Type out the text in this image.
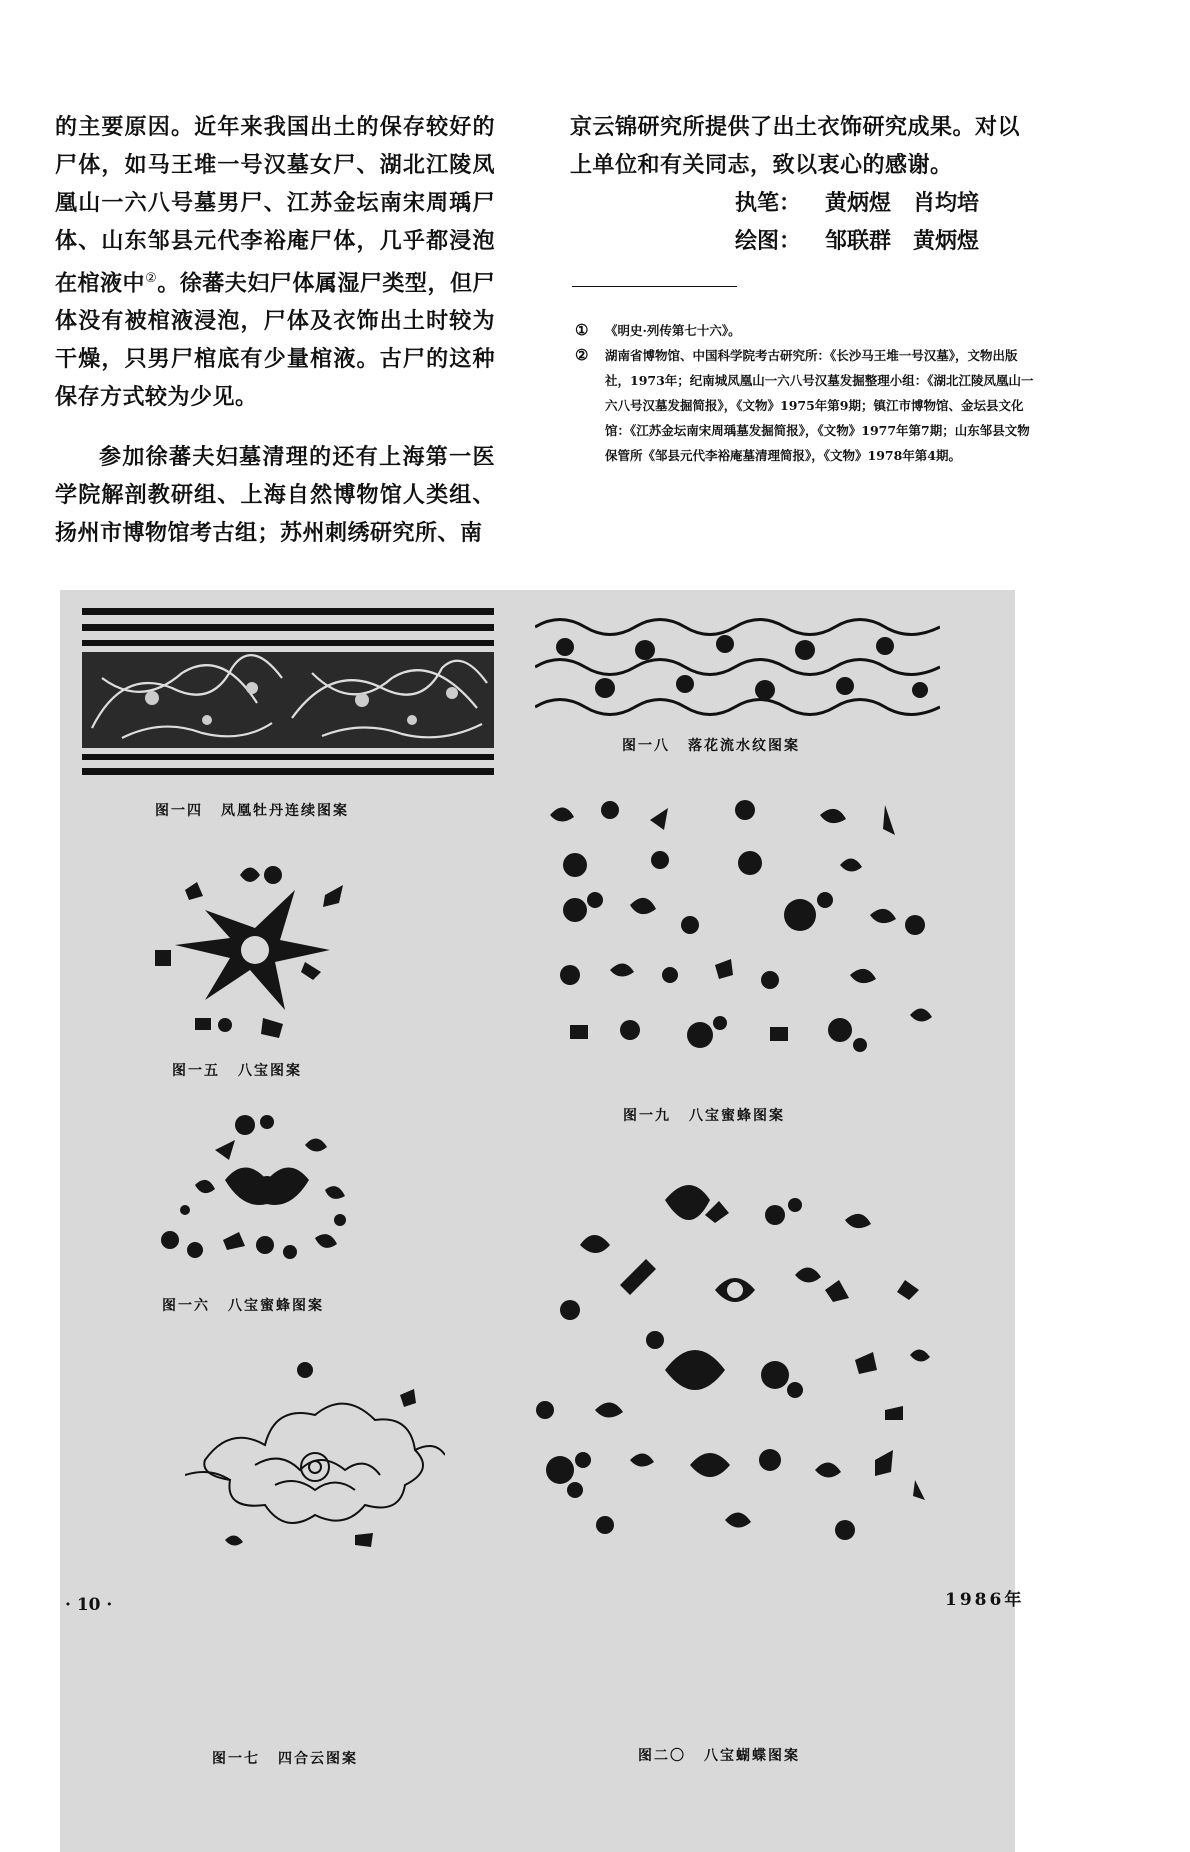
的主要原因。近年来我国出土的保存较好的尸体，如马王堆一号汉墓女尸、湖北江陵凤凰山一六八号墓男尸、江苏金坛南宋周瑀尸体、山东邹县元代李裕庵尸体，几乎都浸泡在棺液中②。徐蕃夫妇尸体属湿尸类型，但尸体没有被棺液浸泡，尸体及衣饰出土时较为干燥，只男尸棺底有少量棺液。古尸的这种保存方式较为少见。

参加徐蕃夫妇墓清理的还有上海第一医学院解剖教研组、上海自然博物馆人类组、扬州市博物馆考古组；苏州刺绣研究所、南

京云锦研究所提供了出土衣饰研究成果。对以上单位和有关同志，致以衷心的感谢。

执笔： 黄炳煜　肖均培
绘图： 邹联群　黄炳煜
① 《明史·列传第七十六》。
② 湖南省博物馆、中国科学院考古研究所：《长沙马王堆一号汉墓》，文物出版社，1973年；纪南城凤凰山一六八号汉墓发掘整理小组：《湖北江陵凤凰山一六八号汉墓发掘简报》，《文物》1975年第9期；镇江市博物馆、金坛县文化馆：《江苏金坛南宋周瑀墓发掘简报》，《文物》1977年第7期；山东邹县文物保管所《邹县元代李裕庵墓清理简报》，《文物》1978年第4期。
图一四 凤凰牡丹连续图案
图一五 八宝图案
图一六 八宝蜜蜂图案
图一七 四合云图案
图一八 落花流水纹图案
图一九 八宝蜜蜂图案
图二〇 八宝蝴蝶图案
· 10 ·	1986年
